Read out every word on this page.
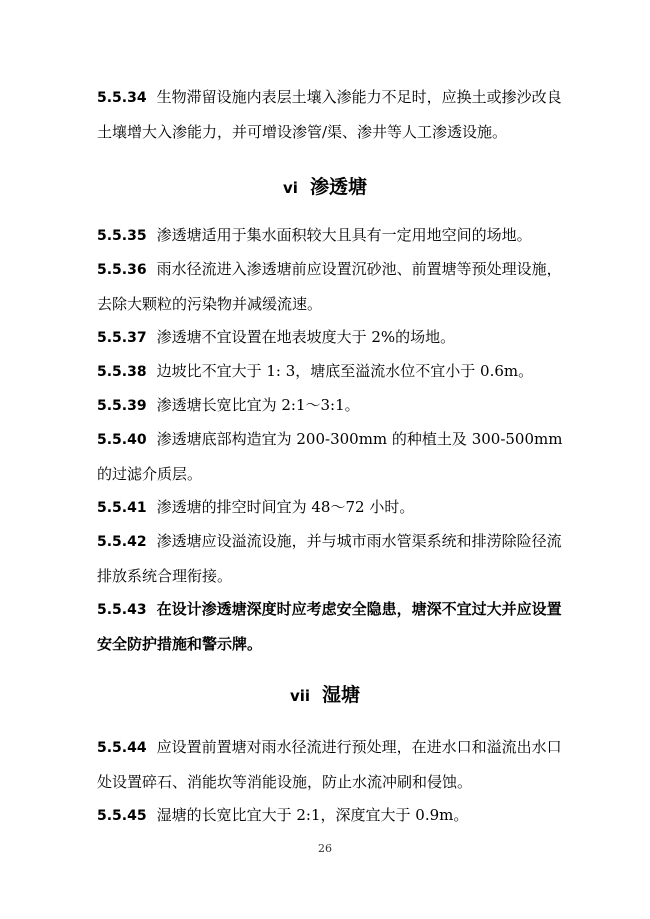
5.5.34 生物滞留设施内表层土壤入渗能力不足时，应换土或掺沙改良土壤增大入渗能力，并可增设渗管/渠、渗井等人工渗透设施。

vi 渗透塘

5.5.35 渗透塘适用于集水面积较大且具有一定用地空间的场地。

5.5.36 雨水径流进入渗透塘前应设置沉砂池、前置塘等预处理设施，去除大颗粒的污染物并减缓流速。

5.5.37 渗透塘不宜设置在地表坡度大于 2%的场地。

5.5.38 边坡比不宜大于 1: 3，塘底至溢流水位不宜小于 0.6m。

5.5.39 渗透塘长宽比宜为 2:1～3:1。

5.5.40 渗透塘底部构造宜为 200-300mm 的种植土及 300-500mm 的过滤介质层。

5.5.41 渗透塘的排空时间宜为 48～72 小时。

5.5.42 渗透塘应设溢流设施，并与城市雨水管渠系统和排涝除险径流排放系统合理衔接。

5.5.43 在设计渗透塘深度时应考虑安全隐患，塘深不宜过大并应设置安全防护措施和警示牌。

vii 湿塘

5.5.44 应设置前置塘对雨水径流进行预处理，在进水口和溢流出水口处设置碎石、消能坎等消能设施，防止水流冲刷和侵蚀。

5.5.45 湿塘的长宽比宜大于 2:1，深度宜大于 0.9m。

26
